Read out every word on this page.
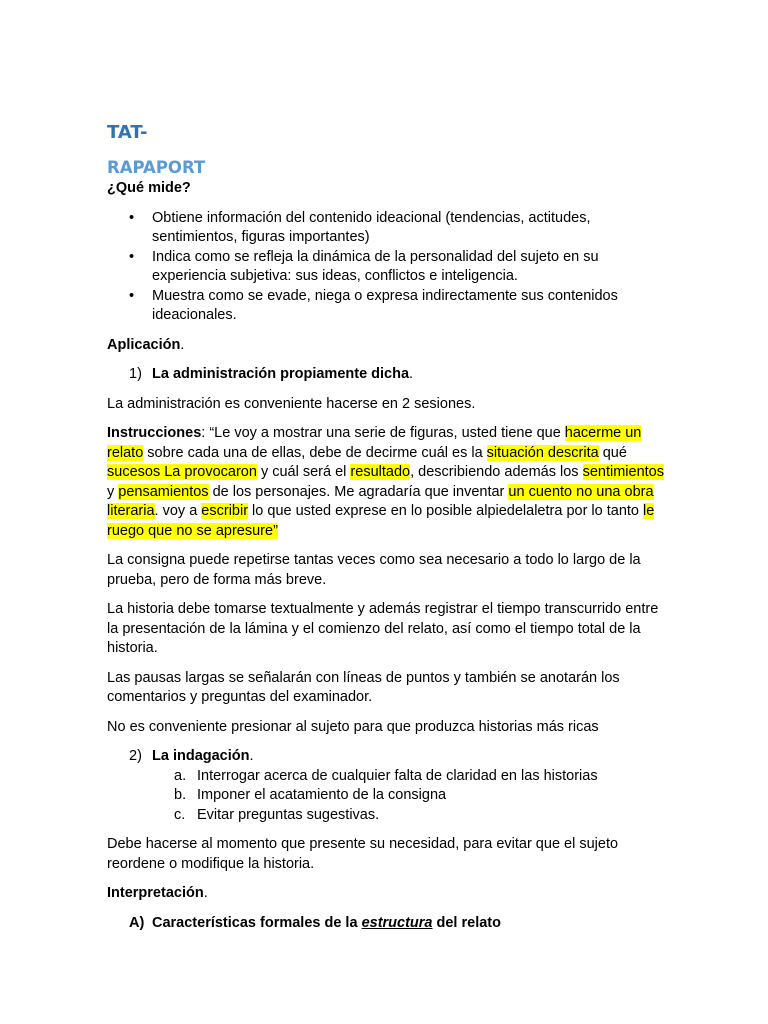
TAT-
RAPAPORT

¿Qué mide?

• Obtiene información del contenido ideacional (tendencias, actitudes, sentimientos, figuras importantes)
• Indica como se refleja la dinámica de la personalidad del sujeto en su experiencia subjetiva: sus ideas, conflictos e inteligencia.
• Muestra como se evade, niega o expresa indirectamente sus contenidos ideacionales.

Aplicación.

1) La administración propiamente dicha.

La administración es conveniente hacerse en 2 sesiones.

Instrucciones: “Le voy a mostrar una serie de figuras, usted tiene que hacerme un relato sobre cada una de ellas, debe de decirme cuál es la situación descrita qué sucesos La provocaron y cuál será el resultado, describiendo además los sentimientos y pensamientos de los personajes. Me agradaría que inventar un cuento no una obra literaria. voy a escribir lo que usted exprese en lo posible alpiedelaletra por lo tanto le ruego que no se apresure”

La consigna puede repetirse tantas veces como sea necesario a todo lo largo de la prueba, pero de forma más breve.

La historia debe tomarse textualmente y además registrar el tiempo transcurrido entre la presentación de la lámina y el comienzo del relato, así como el tiempo total de la historia.

Las pausas largas se señalarán con líneas de puntos y también se anotarán los comentarios y preguntas del examinador.

No es conveniente presionar al sujeto para que produzca historias más ricas

2) La indagación.
a. Interrogar acerca de cualquier falta de claridad en las historias
b. Imponer el acatamiento de la consigna
c. Evitar preguntas sugestivas.

Debe hacerse al momento que presente su necesidad, para evitar que el sujeto reordene o modifique la historia.

Interpretación.

A) Características formales de la estructura del relato
